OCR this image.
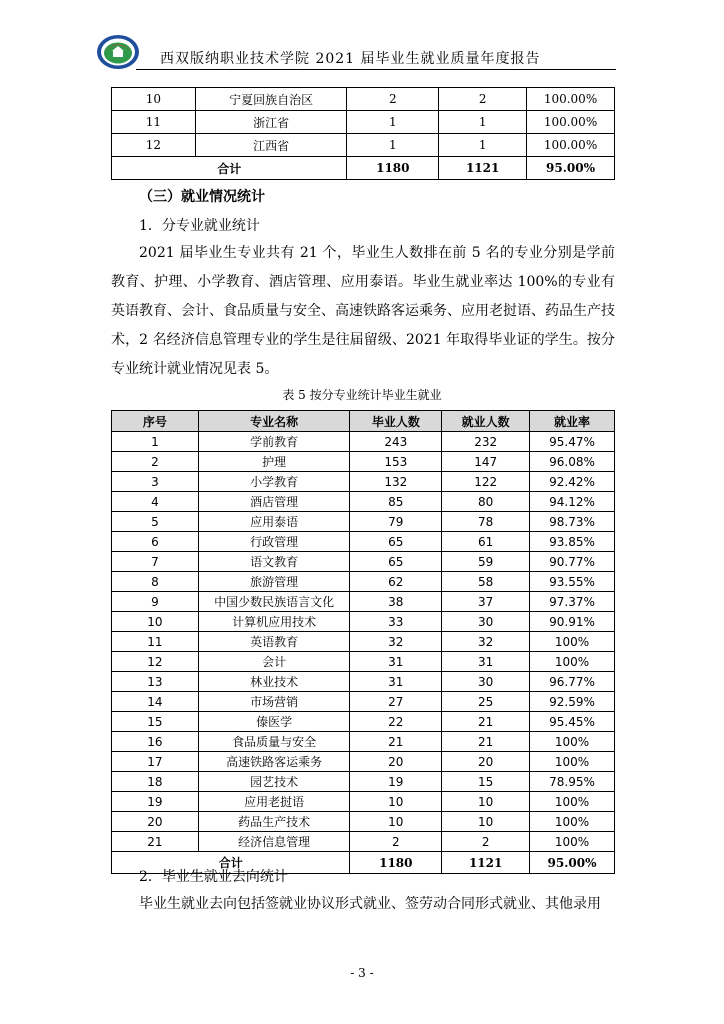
西双版纳职业技术学院 2021 届毕业生就业质量年度报告
10	宁夏回族自治区	2	2	100.00%
11	浙江省	1	1	100.00%
12	江西省	1	1	100.00%
合计		1180	1121	95.00%
（三）就业情况统计
1．分专业就业统计
2021 届毕业生专业共有 21 个，毕业生人数排在前 5 名的专业分别是学前教育、护理、小学教育、酒店管理、应用泰语。毕业生就业率达 100%的专业有英语教育、会计、食品质量与安全、高速铁路客运乘务、应用老挝语、药品生产技术，2 名经济信息管理专业的学生是往届留级、2021 年取得毕业证的学生。按分专业统计就业情况见表 5。
表 5 按分专业统计毕业生就业
序号	专业名称	毕业人数	就业人数	就业率
1	学前教育	243	232	95.47%
2	护理	153	147	96.08%
3	小学教育	132	122	92.42%
4	酒店管理	85	80	94.12%
5	应用泰语	79	78	98.73%
6	行政管理	65	61	93.85%
7	语文教育	65	59	90.77%
8	旅游管理	62	58	93.55%
9	中国少数民族语言文化	38	37	97.37%
10	计算机应用技术	33	30	90.91%
11	英语教育	32	32	100%
12	会计	31	31	100%
13	林业技术	31	30	96.77%
14	市场营销	27	25	92.59%
15	傣医学	22	21	95.45%
16	食品质量与安全	21	21	100%
17	高速铁路客运乘务	20	20	100%
18	园艺技术	19	15	78.95%
19	应用老挝语	10	10	100%
20	药品生产技术	10	10	100%
21	经济信息管理	2	2	100%
合计		1180	1121	95.00%
2．毕业生就业去向统计
毕业生就业去向包括签就业协议形式就业、签劳动合同形式就业、其他录用
- 3 -
